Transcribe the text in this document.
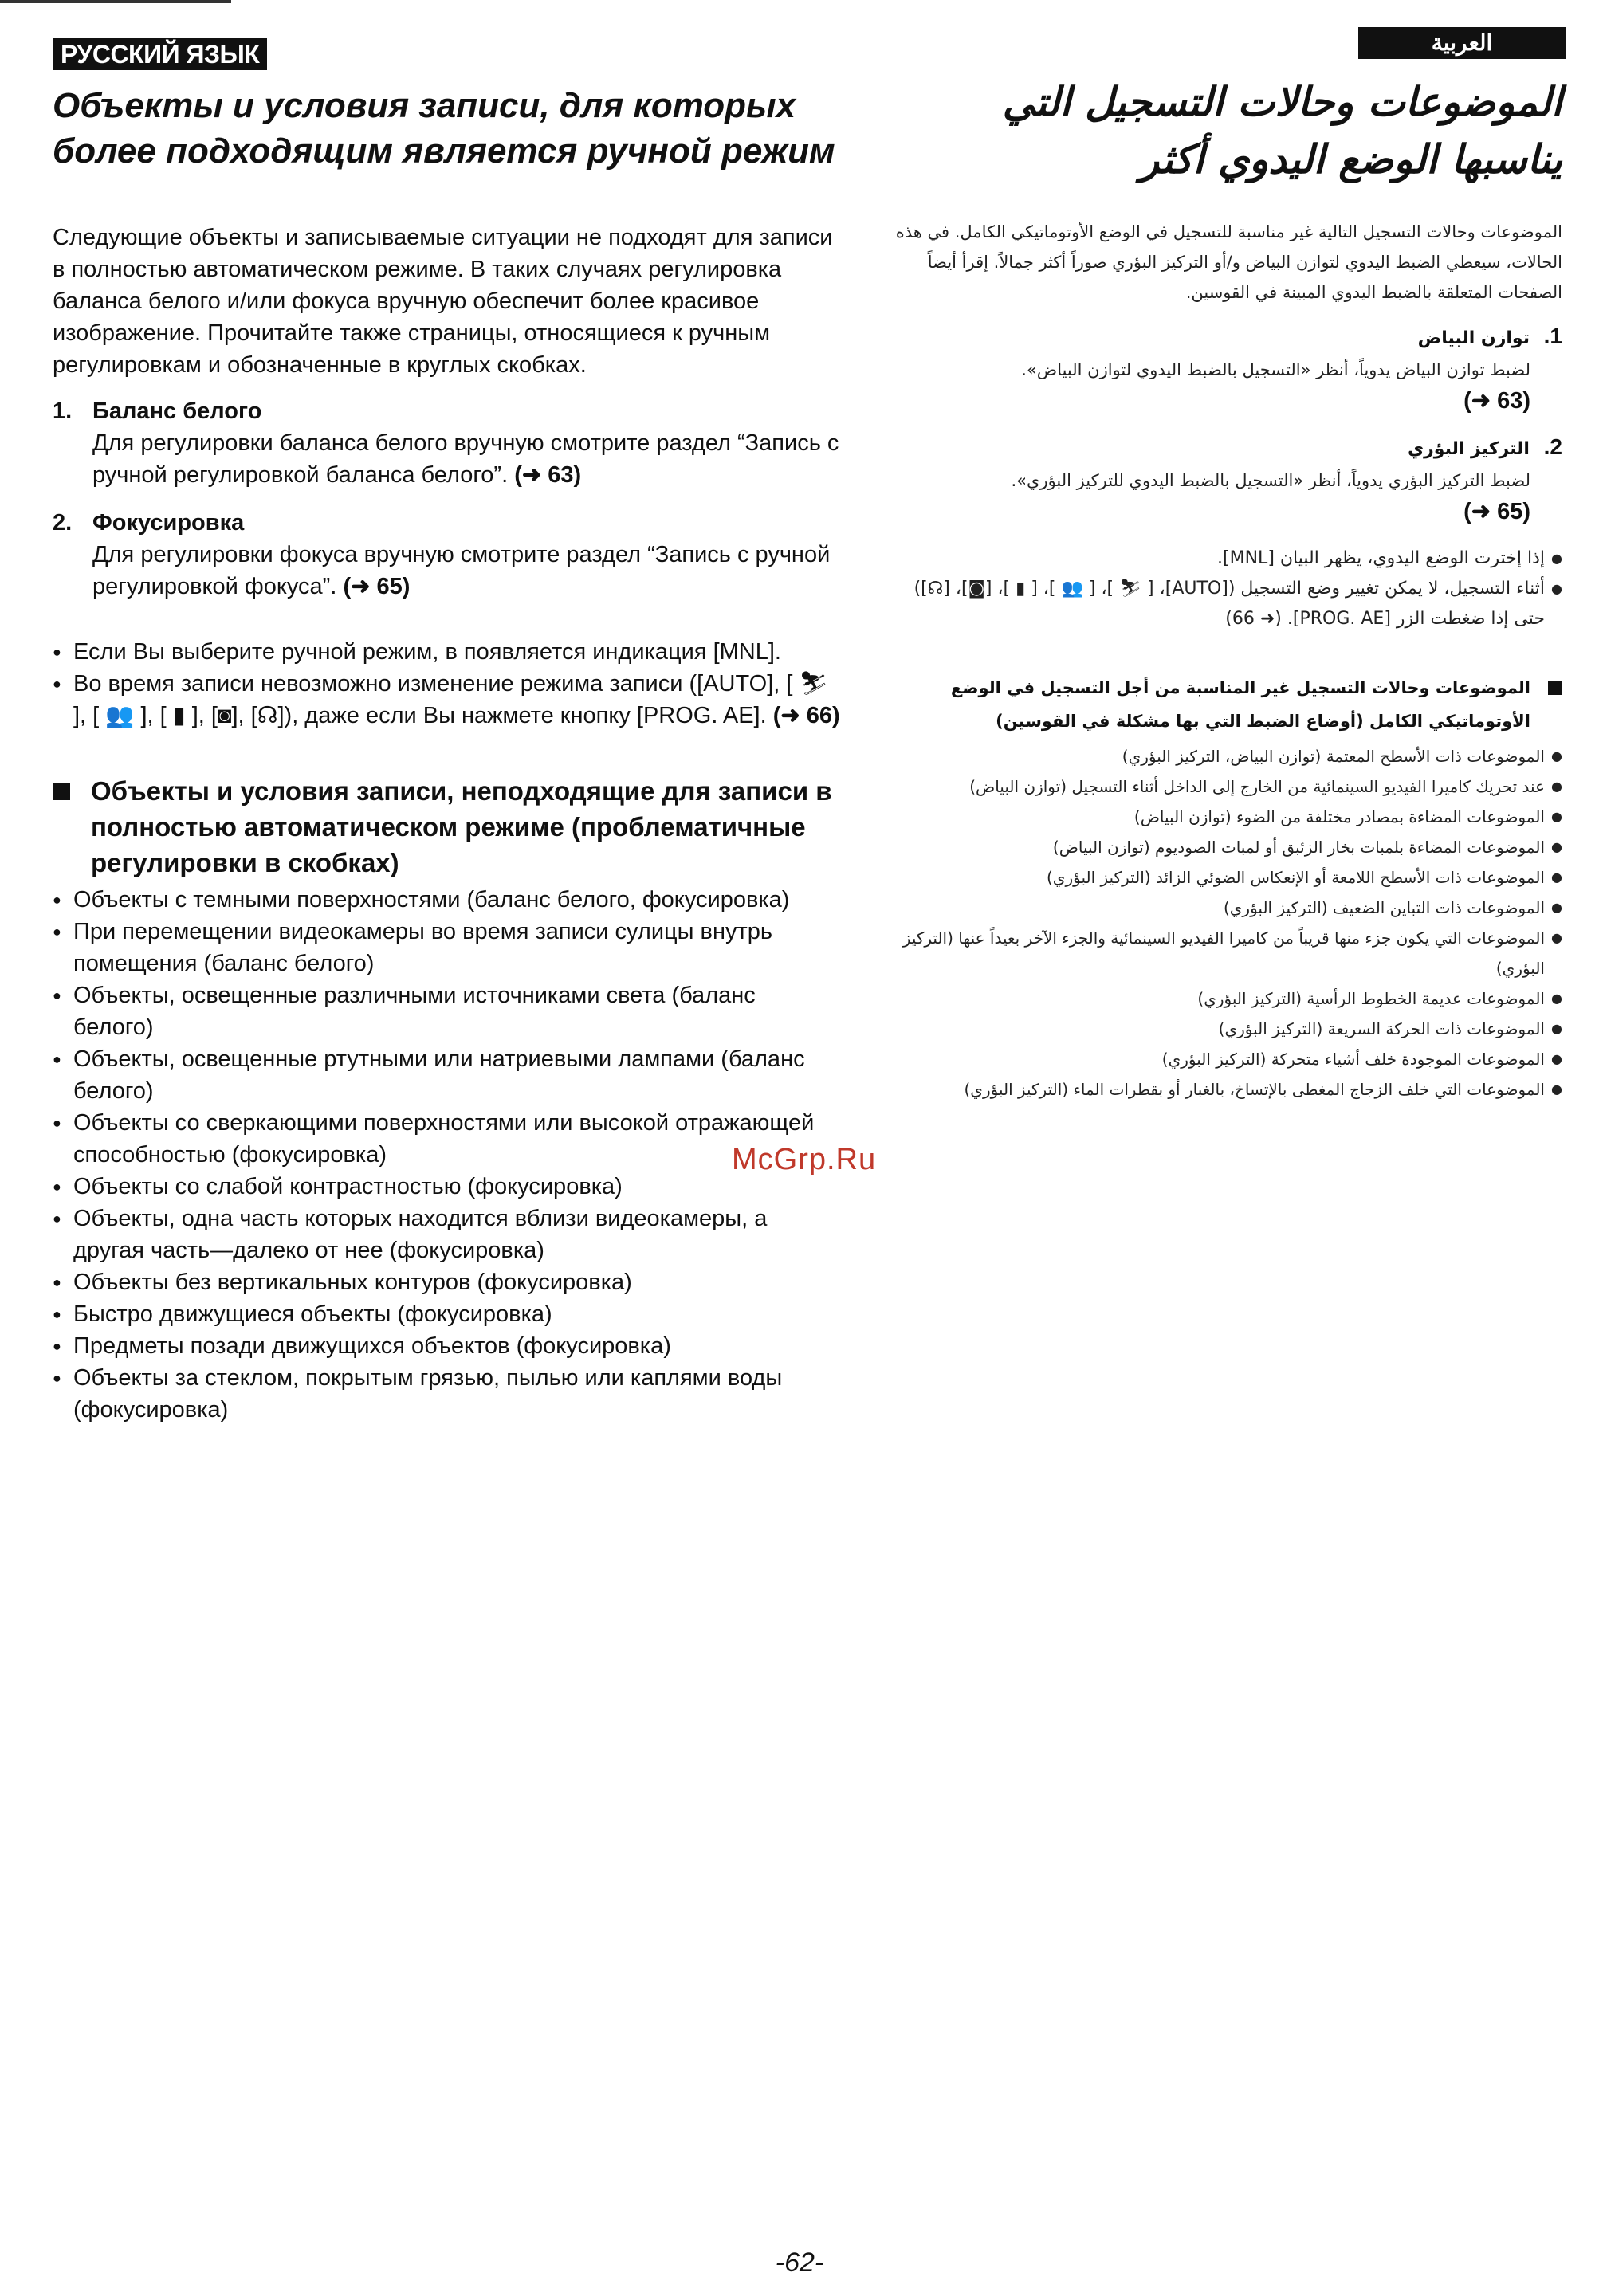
РУССКИЙ ЯЗЫК	العربية
Объекты и условия записи, для которых более подходящим является ручной режим

Следующие объекты и записываемые ситуации не подходят для записи в полностью автоматическом режиме. В таких случаях регулировка баланса белого и/или фокуса вручную обеспечит более красивое изображение. Прочитайте также страницы, относящиеся к ручным регулировкам и обозначенные в круглых скобках.

1. Баланс белого
Для регулировки баланса белого вручную смотрите раздел “Запись с ручной регулировкой баланса белого”. (➜ 63)
2. Фокусировка
Для регулировки фокуса вручную смотрите раздел “Запись с ручной регулировкой фокуса”. (➜ 65)
● Если Вы выберите ручной режим, в появляется индикация [MNL].
● Во время записи невозможно изменение режима записи ([AUTO], [ ⛷ ], [ 👥 ], [ ▮ ], [◙], [☊]), даже если Вы нажмете кнопку [PROG. AE]. (➜ 66)
Объекты и условия записи, неподходящие для записи в полностью автоматическом режиме (проблематичные регулировки в скобках)
● Объекты с темными поверхностями (баланс белого, фокусировка)
● При перемещении видеокамеры во время записи сулицы внутрь помещения (баланс белого)
● Объекты, освещенные различными источниками света (баланс белого)
● Объекты, освещенные ртутными или натриевыми лампами (баланс белого)
● Объекты со сверкающими поверхностями или высокой отражающей способностью (фокусировка)
● Объекты со слабой контрастностью (фокусировка)
● Объекты, одна часть которых находится вблизи видеокамеры, а другая часть—далеко от нее (фокусировка)
● Объекты без вертикальных контуров (фокусировка)
● Быстро движущиеся объекты (фокусировка)
● Предметы позади движущихся объектов (фокусировка)
● Объекты за стеклом, покрытым грязью, пылью или каплями воды (фокусировка)
الموضوعات وحالات التسجيل التي يناسبها الوضع اليدوي أكثر

الموضوعات وحالات التسجيل التالية غير مناسبة للتسجيل في الوضع الأوتوماتيكي الكامل. في هذه الحالات، سيعطي الضبط اليدوي لتوازن البياض و/أو التركيز البؤري صوراً أكثر جمالاً. إقرأ أيضاً الصفحات المتعلقة بالضبط اليدوي المبينة في القوسين.

1. توازن البياض
لضبط توازن البياض يدوياً، أنظر «التسجيل بالضبط اليدوي لتوازن البياض».
(➜ 63)
2. التركيز البؤري
لضبط التركيز البؤري يدوياً، أنظر «التسجيل بالضبط اليدوي للتركيز البؤري».
(➜ 65)
● إذا إخترت الوضع اليدوي، يظهر البيان [MNL].
● أثناء التسجيل، لا يمكن تغيير وضع التسجيل ([AUTO]، [ ⛷ ]، [ 👥 ]، [ ▮ ]، [◙]، [☊]) حتى إذا ضغطت الزر [PROG. AE]. (➜ 66)
الموضوعات وحالات التسجيل غير المناسبة من أجل التسجيل في الوضع الأوتوماتيكي الكامل (أوضاع الضبط التي بها مشكلة في القوسين)
● الموضوعات ذات الأسطح المعتمة (توازن البياض، التركيز البؤري)
● عند تحريك كاميرا الفيديو السينمائية من الخارج إلى الداخل أثناء التسجيل (توازن البياض)
● الموضوعات المضاءة بمصادر مختلفة من الضوء (توازن البياض)
● الموضوعات المضاءة بلمبات بخار الزئبق أو لمبات الصوديوم (توازن البياض)
● الموضوعات ذات الأسطح اللامعة أو الإنعكاس الضوئي الزائد (التركيز البؤري)
● الموضوعات ذات التباين الضعيف (التركيز البؤري)
● الموضوعات التي يكون جزء منها قريباً من كاميرا الفيديو السينمائية والجزء الآخر بعيداً عنها (التركيز البؤري)
● الموضوعات عديمة الخطوط الرأسية (التركيز البؤري)
● الموضوعات ذات الحركة السريعة (التركيز البؤري)
● الموضوعات الموجودة خلف أشياء متحركة (التركيز البؤري)
● الموضوعات التي خلف الزجاج المغطى بالإتساخ، بالغبار أو بقطرات الماء (التركيز البؤري)
McGrp.Ru
-62-
